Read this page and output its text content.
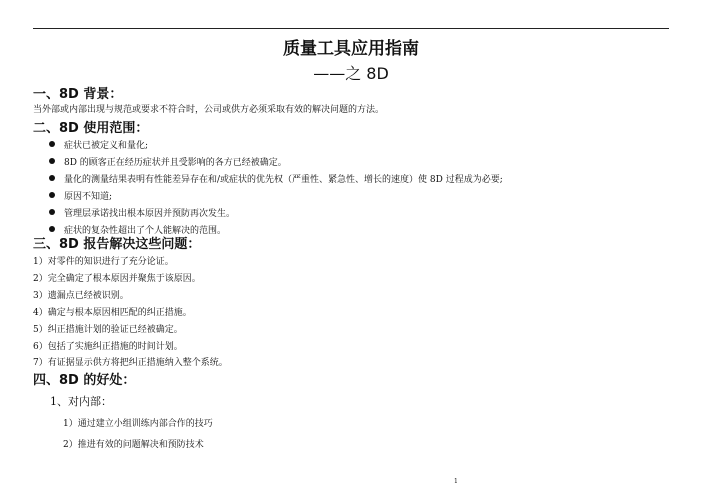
质量工具应用指南
——之 8D
一、8D 背景：
当外部或内部出现与规范或要求不符合时，公司或供方必须采取有效的解决问题的方法。
二、8D 使用范围：
症状已被定义和量化;
8D 的顾客正在经历症状并且受影响的各方已经被确定。
量化的测量结果表明有性能差异存在和/或症状的优先权（严重性、紧急性、增长的速度）使 8D 过程成为必要;
原因不知道;
管理层承诺找出根本原因并预防再次发生。
症状的复杂性超出了个人能解决的范围。
三、8D 报告解决这些问题：
1）对零件的知识进行了充分论证。
2）完全确定了根本原因并聚焦于该原因。
3）遗漏点已经被识别。
4）确定与根本原因相匹配的纠正措施。
5）纠正措施计划的验证已经被确定。
6）包括了实施纠正措施的时间计划。
7）有证据显示供方将把纠正措施纳入整个系统。
四、8D 的好处：
1、对内部：
1）通过建立小组训练内部合作的技巧
2）推进有效的问题解决和预防技术
1
